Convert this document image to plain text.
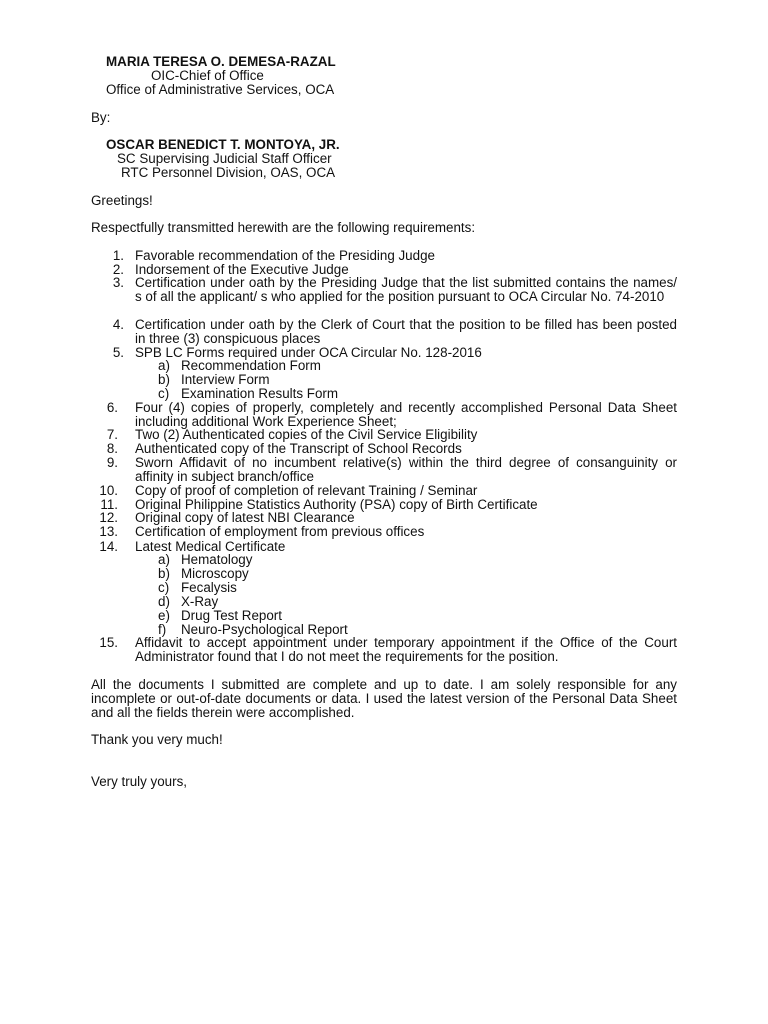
MARIA TERESA O. DEMESA-RAZAL
OIC-Chief of Office
Office of Administrative Services, OCA
By:
OSCAR BENEDICT T. MONTOYA, JR.
SC Supervising Judicial Staff Officer
RTC Personnel Division, OAS, OCA
Greetings!
Respectfully transmitted herewith are the following requirements:
1. Favorable recommendation of the Presiding Judge
2. Indorsement of the Executive Judge
3. Certification under oath by the Presiding Judge that the list submitted contains the names/ s of all the applicant/ s who applied for the position pursuant to OCA Circular No. 74-2010
4. Certification under oath by the Clerk of Court that the position to be filled has been posted in three (3) conspicuous places
5. SPB LC Forms required under OCA Circular No. 128-2016
a) Recommendation Form
b) Interview Form
c) Examination Results Form
6. Four (4) copies of properly, completely and recently accomplished Personal Data Sheet including additional Work Experience Sheet;
7. Two (2) Authenticated copies of the Civil Service Eligibility
8. Authenticated copy of the Transcript of School Records
9. Sworn Affidavit of no incumbent relative(s) within the third degree of consanguinity or affinity in subject branch/office
10. Copy of proof of completion of relevant Training / Seminar
11. Original Philippine Statistics Authority (PSA) copy of Birth Certificate
12. Original copy of latest NBI Clearance
13. Certification of employment from previous offices
14. Latest Medical Certificate
a) Hematology
b) Microscopy
c) Fecalysis
d) X-Ray
e) Drug Test Report
f)	Neuro-Psychological Report
15. Affidavit to accept appointment under temporary appointment if the Office of the Court Administrator found that I do not meet the requirements for the position.
All the documents I submitted are complete and up to date. I am solely responsible for any incomplete or out-of-date documents or data. I used the latest version of the Personal Data Sheet and all the fields therein were accomplished.
Thank you very much!
Very truly yours,
